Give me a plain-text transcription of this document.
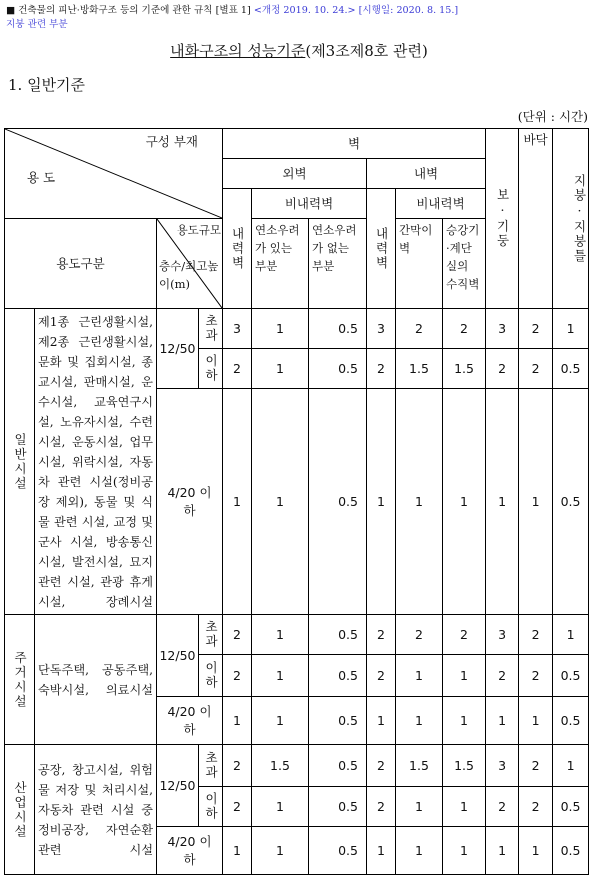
■ 건축물의 피난·방화구조 등의 기준에 관한 규칙 [별표 1] <개정 2019. 10. 24.> [시행일: 2020. 8. 15.]
지붕 관련 부분
내화구조의 성능기준(제3조제8호 관련)
1. 일반기준
(단위 : 시간)
구성 부재
용 도				벽						보·기둥	바닥	지붕·지붕틀
				외벽			내벽					
				내력벽	비내력벽		내력벽	비내력벽				
용도구분		용도규모
층수/최고높이(m)			연소우려가 있는 부분	연소우려가 없는 부분		간막이벽	승강기·계단실의 수직벽			

일반시설	제1종 근린생활시설, 제2종 근린생활시설, 문화 및 집회시설, 종교시설, 판매시설, 운수시설, 교육연구시설, 노유자시설, 수련시설, 운동시설, 업무시설, 위락시설, 자동차 관련 시설(정비공장 제외), 동물 및 식물 관련 시설, 교정 및 군사 시설, 방송통신시설, 발전시설, 묘지 관련 시설, 관광 휴게시설, 장례시설	12/50	초과	3	1	0.5	3	2	2	3	2	1
			이하	2	1	0.5	2	1.5	1.5	2	2	0.5
		4/20 이하		1	1	0.5	1	1	1	1	1	0.5
주거시설	단독주택, 공동주택, 숙박시설, 의료시설	12/50	초과	2	1	0.5	2	2	2	3	2	1
			이하	2	1	0.5	2	1	1	2	2	0.5
		4/20 이하		1	1	0.5	1	1	1	1	1	0.5
산업시설	공장, 창고시설, 위험물 저장 및 처리시설, 자동차 관련 시설 중 정비공장, 자연순환 관련 시설	12/50	초과	2	1.5	0.5	2	1.5	1.5	3	2	1
			이하	2	1	0.5	2	1	1	2	2	0.5
		4/20 이하		1	1	0.5	1	1	1	1	1	0.5
